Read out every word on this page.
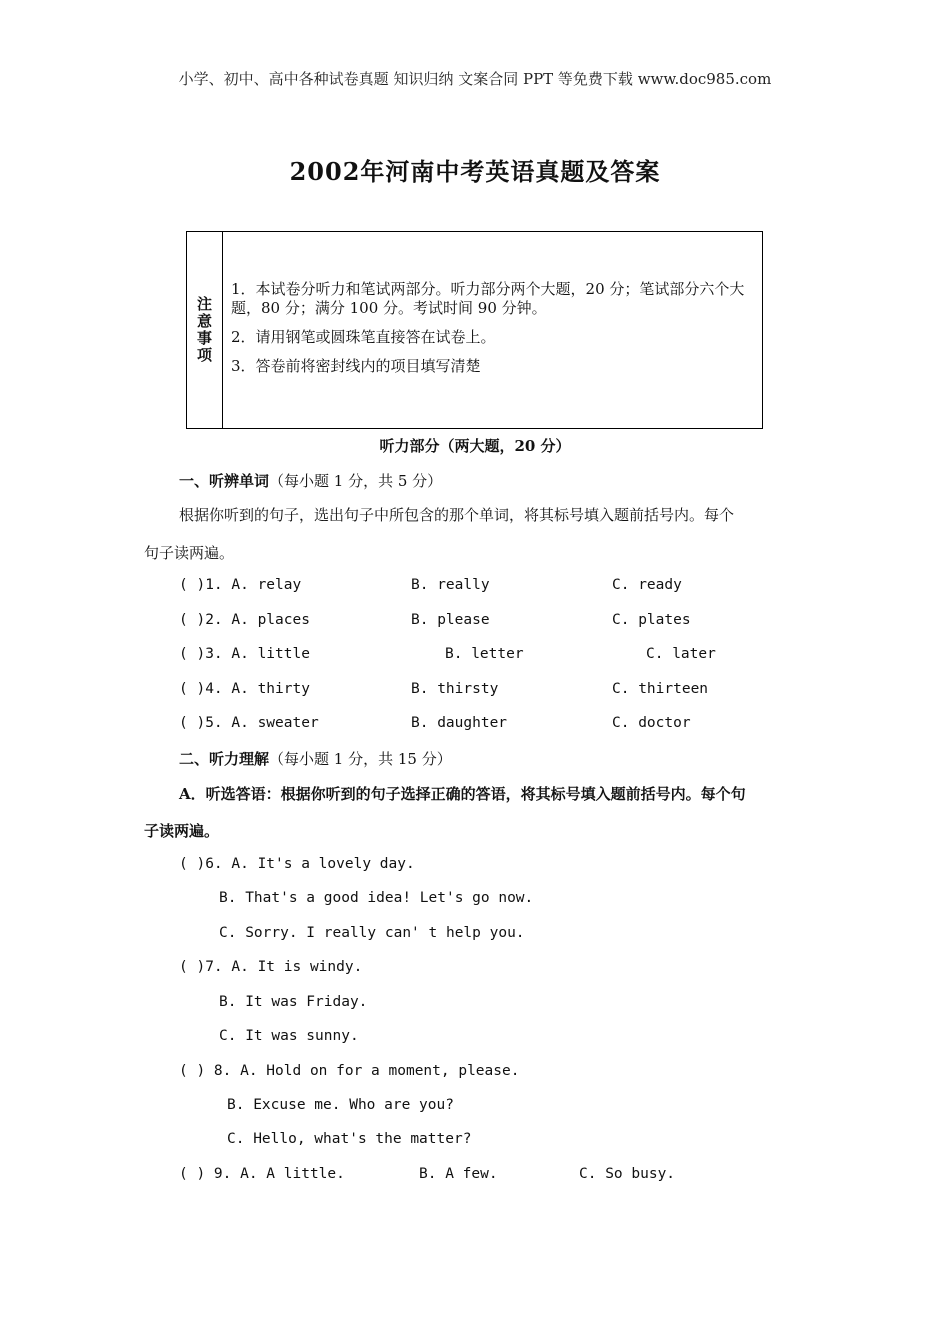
小学、初中、高中各种试卷真题 知识归纳 文案合同 PPT 等免费下载 www.doc985.com
2002年河南中考英语真题及答案
注意事项
1．本试卷分听力和笔试两部分。听力部分两个大题，20 分；笔试部分六个大题，80 分；满分 100 分。考试时间 90 分钟。
2．请用钢笔或圆珠笔直接答在试卷上。
3．答卷前将密封线内的项目填写清楚
听力部分（两大题，20 分）
一、听辨单词（每小题 1 分，共 5 分）
根据你听到的句子，选出句子中所包含的那个单词，将其标号填入题前括号内。每个
句子读两遍。
( )1. A. relay	B. really	C. ready
( )2. A. places	B. please	C. plates
( )3. A. little	B. letter	C. later
( )4. A. thirty	B. thirsty	C. thirteen
( )5. A. sweater	B. daughter	C. doctor
二、听力理解（每小题 1 分，共 15 分）
A．听选答语：根据你听到的句子选择正确的答语，将其标号填入题前括号内。每个句
子读两遍。
( )6. A. It's a lovely day.
B. That's a good idea! Let's go now.
C. Sorry. I really can' t help you.
( )7. A. It is windy.
B. It was Friday.
C. It was sunny.
( ) 8. A. Hold on for a moment, please.
B. Excuse me. Who are you?
C. Hello, what's the matter?
( ) 9. A. A little.	B. A few.	C. So busy.
